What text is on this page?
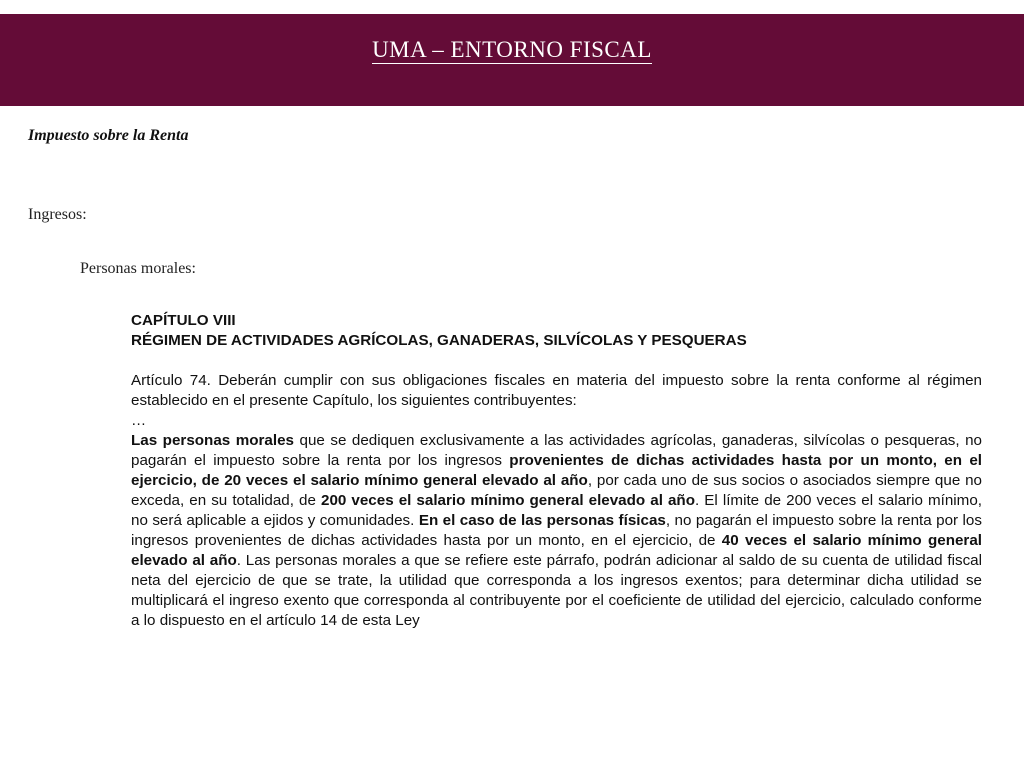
UMA – ENTORNO FISCAL
Impuesto sobre la Renta
Ingresos:
Personas morales:
CAPÍTULO VIII
RÉGIMEN DE ACTIVIDADES AGRÍCOLAS, GANADERAS, SILVÍCOLAS Y PESQUERAS
Artículo 74. Deberán cumplir con sus obligaciones fiscales en materia del impuesto sobre la renta conforme al régimen establecido en el presente Capítulo, los siguientes contribuyentes:
…
Las personas morales que se dediquen exclusivamente a las actividades agrícolas, ganaderas, silvícolas o pesqueras, no pagarán el impuesto sobre la renta por los ingresos provenientes de dichas actividades hasta por un monto, en el ejercicio, de 20 veces el salario mínimo general elevado al año, por cada uno de sus socios o asociados siempre que no exceda, en su totalidad, de 200 veces el salario mínimo general elevado al año. El límite de 200 veces el salario mínimo, no será aplicable a ejidos y comunidades. En el caso de las personas físicas, no pagarán el impuesto sobre la renta por los ingresos provenientes de dichas actividades hasta por un monto, en el ejercicio, de 40 veces el salario mínimo general elevado al año. Las personas morales a que se refiere este párrafo, podrán adicionar al saldo de su cuenta de utilidad fiscal neta del ejercicio de que se trate, la utilidad que corresponda a los ingresos exentos; para determinar dicha utilidad se multiplicará el ingreso exento que corresponda al contribuyente por el coeficiente de utilidad del ejercicio, calculado conforme a lo dispuesto en el artículo 14 de esta Ley
